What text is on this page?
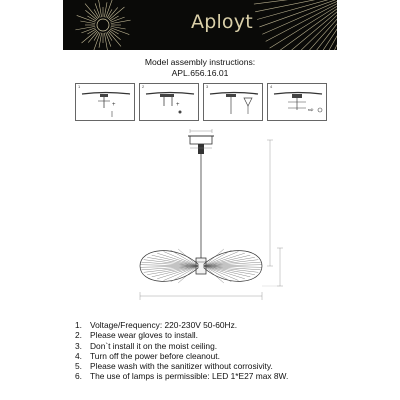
Aployt
Model assembly instructions:
APL.656.16.01
1
+
2
+
3	4
⇨
1. Voltage/Frequency: 220-230V 50-60Hz.
2. Please wear gloves to install.
3. Don`t install it on the moist ceiling.
4. Turn off the power before cleanout.
5. Please wash with the sanitizer without corrosivity.
6. The use of lamps is permissible: LED 1*E27 max 8W.
